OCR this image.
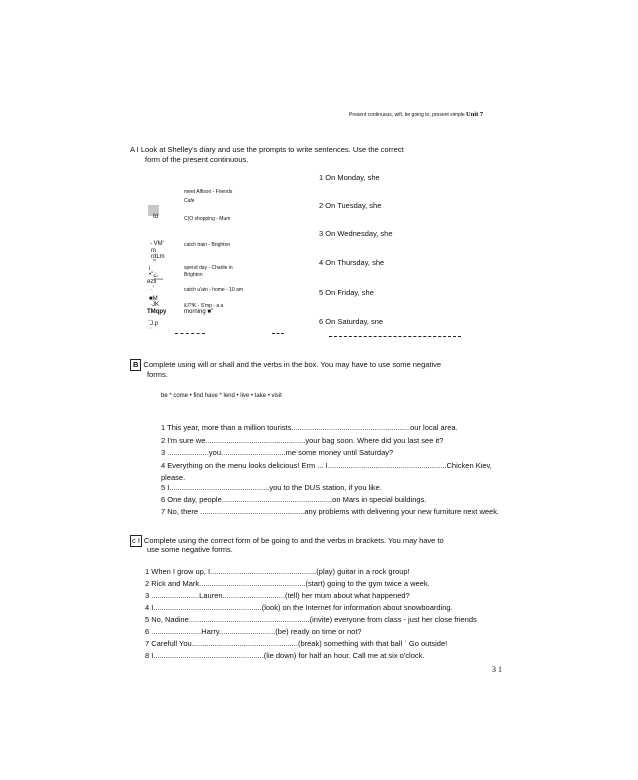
Present continuous, wifi, be going to, present simple Unit 7
A I Look at Shelley's diary and use the prompts to write sentences. Use the correct
form of the present continuous.
meet Alfison - Friends
Cafe
C(O shopping - Mum
catch train - Brighton
spend day - Charlie in
Brighton
catch u'ain - home - 10 am
ilJ?!K - S'mp - a a
morning ■"
fd
- VM'
m
rdLm
"'
i
•"¿,
ezfl"""
.'
■M
·JK
TMqpy
ˊJ.p
ˈˈˈ
1 On Monday, she
2 On Tuesday, she
3 On Wednesday, she
4 On Thursday, she
5 On Friday, she
6 On Saturday, sne
B Complete using will or shall and the verbs in the box. You may have to use some negative
forms.
be * come • find have * lend • live • take • visit
1 This year, more than a million tourists.........................................................our local area.
2 I'm sure we................................................your bag soon. Where did you last see it?
3 ....................you...............................me some money until Saturday?
4 Everything on the menu looks delicious! Erm ... I.........................................................Chicken Kiev,
please.
5 I................................................you to the DUS station, if you like.
6 One day, people.....................................................on Mars in special buildings.
7 No, there ..................................................any problems with delivering your new furniture next week.
c I Complete using the correct form of be going to and the verbs in brackets. You may have to
use some negative forms.
1 When I grow up, I...................................................(play) guitar in a rock group!
2 Rick and Mark...................................................(start) going to the gym twice a week.
3 .......................Lauren..............................(tell) her mum about what happened?
4 I....................................................(look) on the Internet for information about snowboarding.
5 No, Nadine..........................................................(invite) everyone from class - just her close friends
6 ........................Harry...........................(be) ready on time or not?
7 Carefull You...................................................(break) something with that ball ˈ Go outside!
8 I.....................................................(lie down) for half an hour. Call me at six o'clock.
3 1
